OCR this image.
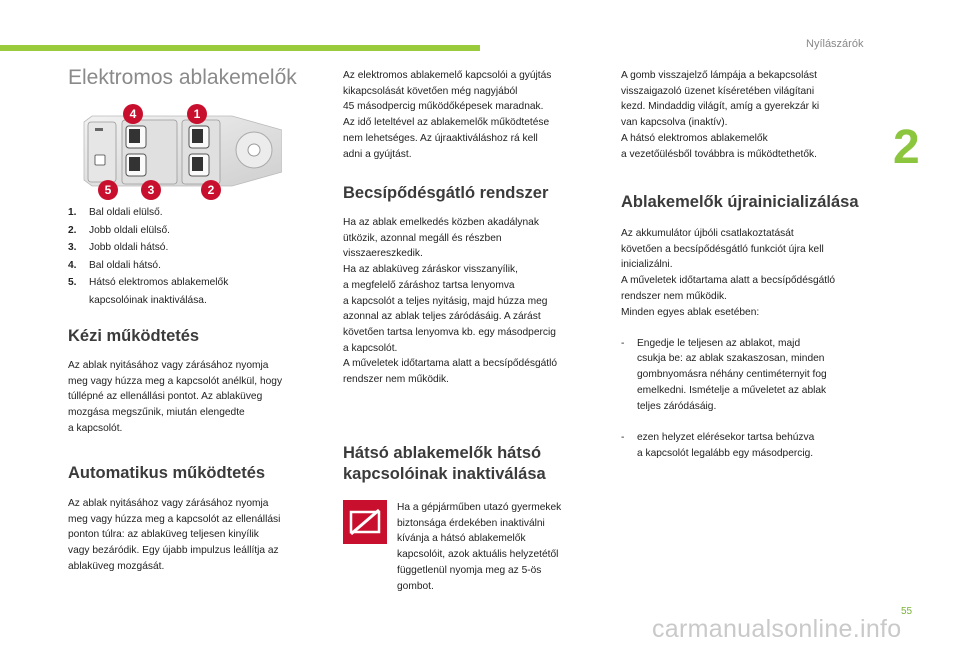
Nyílászárók
2
Elektromos ablakemelők
4	1
5	3	2
1. Bal oldali elülső.
2. Jobb oldali elülső.
3. Jobb oldali hátsó.
4. Bal oldali hátsó.
5. Hátsó elektromos ablakemelők
kapcsolóinak inaktiválása.
Kézi működtetés

Az ablak nyitásához vagy zárásához nyomja
meg vagy húzza meg a kapcsolót anélkül, hogy
túllépné az ellenállási pontot. Az ablaküveg
mozgása megszűnik, miután elengedte
a kapcsolót.

Automatikus működtetés

Az ablak nyitásához vagy zárásához nyomja
meg vagy húzza meg a kapcsolót az ellenállási
ponton túlra: az ablaküveg teljesen kinyílik
vagy bezáródik. Egy újabb impulzus leállítja az
ablaküveg mozgását.

Az elektromos ablakemelő kapcsolói a gyújtás
kikapcsolását követően még nagyjából
45 másodpercig működőképesek maradnak.
Az idő leteltével az ablakemelők működtetése
nem lehetséges. Az újraaktiváláshoz rá kell
adni a gyújtást.

Becsípődésgátló rendszer

Ha az ablak emelkedés közben akadálynak
ütközik, azonnal megáll és részben
visszaereszkedik.
Ha az ablaküveg záráskor visszanyílik,
a megfelelő záráshoz tartsa lenyomva
a kapcsolót a teljes nyitásig, majd húzza meg
azonnal az ablak teljes záródásáig. A zárást
követően tartsa lenyomva kb. egy másodpercig
a kapcsolót.
A műveletek időtartama alatt a becsípődésgátló
rendszer nem működik.

Hátsó ablakemelők hátsó
kapcsolóinak inaktiválása

Ha a gépjárműben utazó gyermekek
biztonsága érdekében inaktiválni
kívánja a hátsó ablakemelők
kapcsolóit, azok aktuális helyzetétől
függetlenül nyomja meg az 5-ös
gombot.

A gomb visszajelző lámpája a bekapcsolást
visszaigazoló üzenet kíséretében világítani
kezd. Mindaddig világít, amíg a gyerekzár ki
van kapcsolva (inaktív).
A hátsó elektromos ablakemelők
a vezetőülésből továbbra is működtethetők.

Ablakemelők újrainicializálása

Az akkumulátor újbóli csatlakoztatását
követően a becsípődésgátló funkciót újra kell
inicializálni.
A műveletek időtartama alatt a becsípődésgátló
rendszer nem működik.
Minden egyes ablak esetében:

- Engedje le teljesen az ablakot, majd
csukja be: az ablak szakaszosan, minden
gombnyomásra néhány centiméternyit fog
emelkedni. Ismételje a műveletet az ablak
teljes záródásáig.

- ezen helyzet elérésekor tartsa behúzva
a kapcsolót legalább egy másodpercig.

55
carmanualsonline.info
